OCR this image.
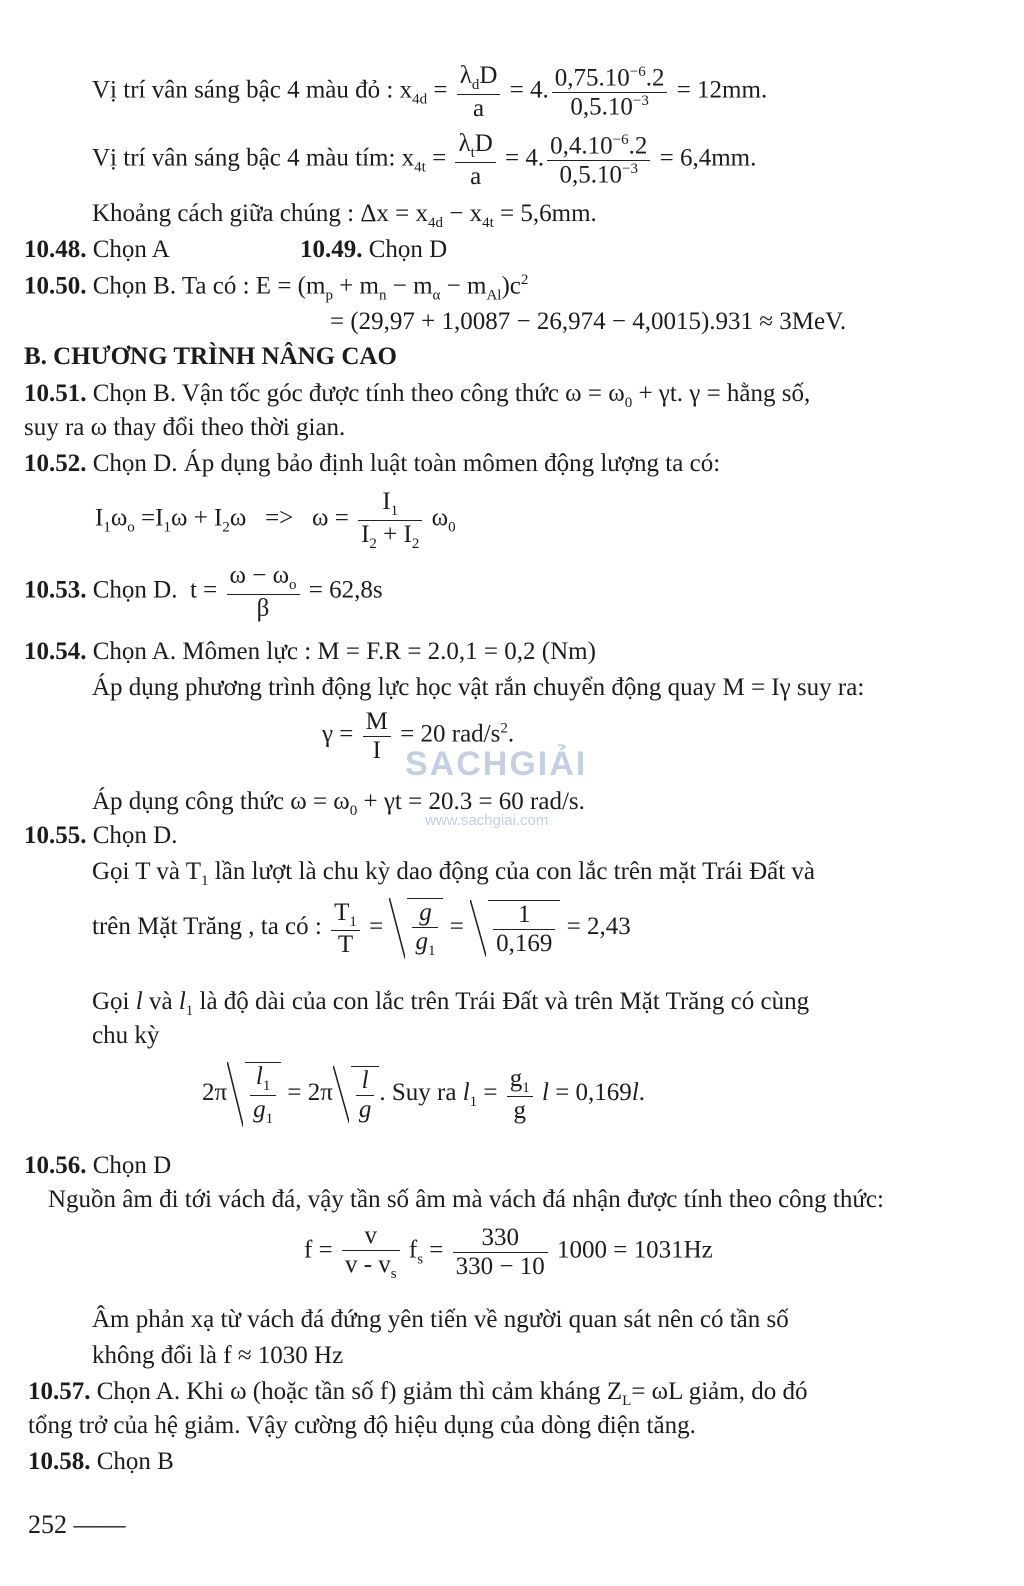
Vị trí vân sáng bậc 4 màu đỏ : $x_{4d} = \frac{\lambda_dD}{a} = 4$. $\frac{0,75.10^{-6}.2}{0,5.10^{-3}} = 12mm$.
Vị trí vân sáng bậc 4 màu tím: $x_{4t} = \frac{\lambda_tD}{a} = 4$. $\frac{0,4.10^{-6}.2}{0,5.10^{-3}} = 6,4mm$.
Khoảng cách giữa chúng : $\Delta x = x_{4d} - x_{4t} = 5,6mm$.
10.48. Chọn A	10.49. Chọn D
10.50. Chọn B. Ta có : $E = (m_p + m_n - m_\alpha - m_{Al})c^2$
= (29,97 + 1,0087 − 26,974 − 4,0015).931 ≈ 3MeV.
B. CHƯƠNG TRÌNH NÂNG CAO
10.51. Chọn B. Vận tốc góc được tính theo công thức $\omega = \omega_0 + \gamma t$. γ = hằng số,
suy ra ω thay đổi theo thời gian.
10.52. Chọn D. Áp dụng bảo định luật toàn mômen động lượng ta có:
$I_1\omega_o =I_1\omega + I_2\omega => \omega = \frac{I_1}{I_2 + I_2} \omega_0$
10.53. Chọn D.  $t = \frac{\omega - \omega_o}{\beta} = 62,8s$
10.54. Chọn A. Mômen lực : M = F.R = 2.0,1 = 0,2 (Nm)
Áp dụng phương trình động lực học vật rắn chuyển động quay M = Iγ suy ra:
$\gamma = \frac{M}{I} = 20$ rad/$s^2$.
Áp dụng công thức $\omega = \omega_0 + \gamma t = 20.3 = 60$ rad/s.
SACHGIẢI
www.sachgiai.com
10.55. Chọn D.
Gọi T và $T_1$ lần lượt là chu kỳ dao động của con lắc trên mặt Trái Đất và
trên Mặt Trăng , ta có : $\frac{T_1}{T} = \frac{g}{g_1} = \frac{1}{0,169} = 2,43$
Gọi l và $l_1$ là độ dài của con lắc trên Trái Đất và trên Mặt Trăng có cùng
chu kỳ
$2\pi \frac{l_1}{g_1} = 2\pi \frac{l}{g}$ . Suy ra $l_1 = \frac{g_1}{g}$ l = 0,169l.
10.56. Chọn D
Nguồn âm đi tới vách đá, vậy tần số âm mà vách đá nhận được tính theo công thức:
$f = \frac{v}{v - v_s} f_s = \frac{330}{330 - 10} 1000 = 1031Hz$
Âm phản xạ từ vách đá đứng yên tiến về người quan sát nên có tần số
không đổi là f ≈ 1030 Hz
10.57. Chọn A. Khi ω (hoặc tần số f) giảm thì cảm kháng $Z_L= \omega L$ giảm, do đó
tổng trở của hệ giảm. Vậy cường độ hiệu dụng của dòng điện tăng.
10.58. Chọn B
252 ——
